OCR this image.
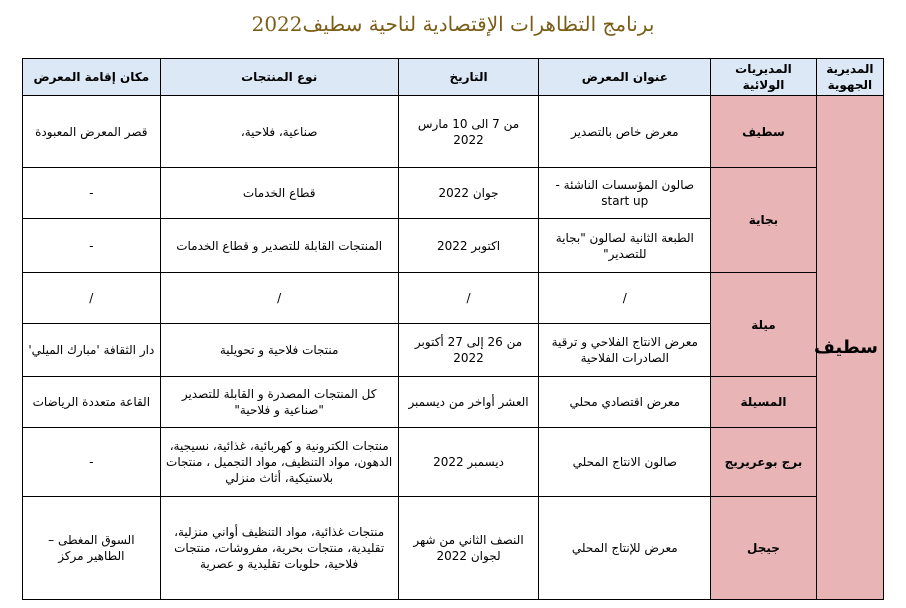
برنامج التظاهرات الإقتصادية لناحية سطيف2022
المديرية الجهوية	المديريات الولائية	عنوان المعرض	التاريخ	نوع المنتجات	مكان إقامة المعرض
سطيف	سطيف	معرض خاص بالتصدير	من 7 الى 10 مارس 2022	صناعية، فلاحية،	قصر المعرض المعبودة
	بجاية	صالون المؤسسات الناشئة -start up	جوان 2022	قطاع الخدمات	-
		الطبعة الثانية لصالون "بجاية للتصدير"	اكتوبر 2022	المنتجات القابلة للتصدير و قطاع الخدمات	-
	ميلة	/	/	/	/
		معرض الانتاج الفلاحي و ترقية الصادرات الفلاحية	من 26 إلى 27 أكتوبر 2022	منتجات فلاحية و تحويلية	دار الثقافة 'مبارك الميلي'
	المسيلة	معرض اقتصادي محلي	العشر أواخر من ديسمبر	كل المنتجات المصدرة و القابلة للتصدير "صناعية و فلاحية"	القاعة متعددة الرياضات
	برج بوعريريج	صالون الانتاج المحلي	ديسمبر 2022	منتجات الكترونية و كهربائية، غذائية، نسيجية، الدهون، مواد التنظيف، مواد التجميل ، منتجات بلاستيكية، أثاث منزلي	-
	جيجل	معرض للإنتاج المحلي	النصف الثاني من شهر لجوان 2022	منتجات غذائية، مواد التنظيف أواني منزلية، تقليدية، منتجات بحرية، مفروشات، منتجات فلاحية، حلويات تقليدية و عصرية	السوق المغطى – الطاهير مركز
